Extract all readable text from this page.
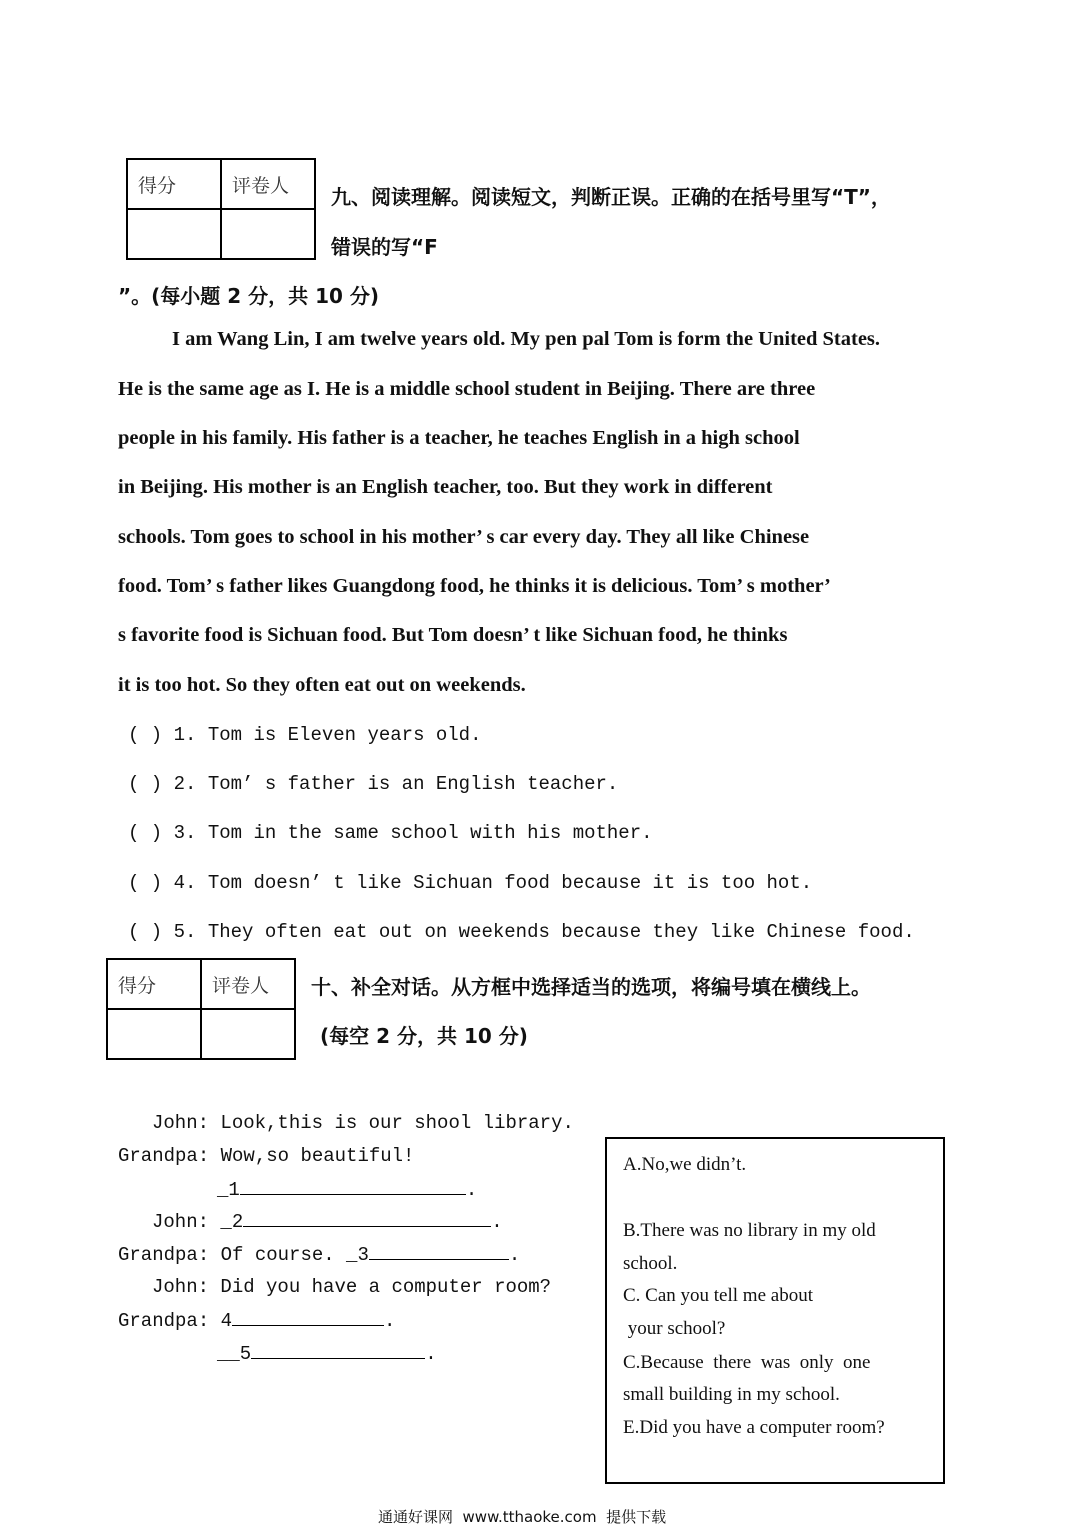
得分	评卷人
	九、阅读理解。阅读短文，判断正误。正确的在括号里写“T”，
错误的写“F
”。(每小题 2 分，共 10 分)
I am Wang Lin, I am twelve years old. My pen pal Tom is form the United States.
He is the same age as I. He is a middle school student in Beijing. There are three
people in his family. His father is a teacher, he teaches English in a high school
in Beijing. His mother is an English teacher, too. But they work in different
schools. Tom goes to school in his mother’ s car every day. They all like Chinese
food. Tom’ s father likes Guangdong food, he thinks it is delicious. Tom’ s mother’
s favorite food is Sichuan food. But Tom doesn’ t like Sichuan food, he thinks
it is too hot. So they often eat out on weekends.
( ) 1. Tom is Eleven years old.
( ) 2. Tom’ s father is an English teacher.
( ) 3. Tom in the same school with his mother.
( ) 4. Tom doesn’ t like Sichuan food because it is too hot.
( ) 5. They often eat out on weekends because they like Chinese food.
得分	评卷人
	十、补全对话。从方框中选择适当的选项，将编号填在横线上。
(每空 2 分，共 10 分)
John: Look,this is our shool library.
Grandpa: Wow,so beautiful!
_1	.
John: _2	.
Grandpa: Of course. _3	.
John: Did you have a computer room?
Grandpa: 4	.
__5	.
A.No,we didn’t.
B.There was no library in my old
school.
C. Can you tell me about
your school?
C.Because  there  was  only  one
small building in my school.
E.Did you have a computer room?
通通好课网  www.tthaoke.com  提供下载
